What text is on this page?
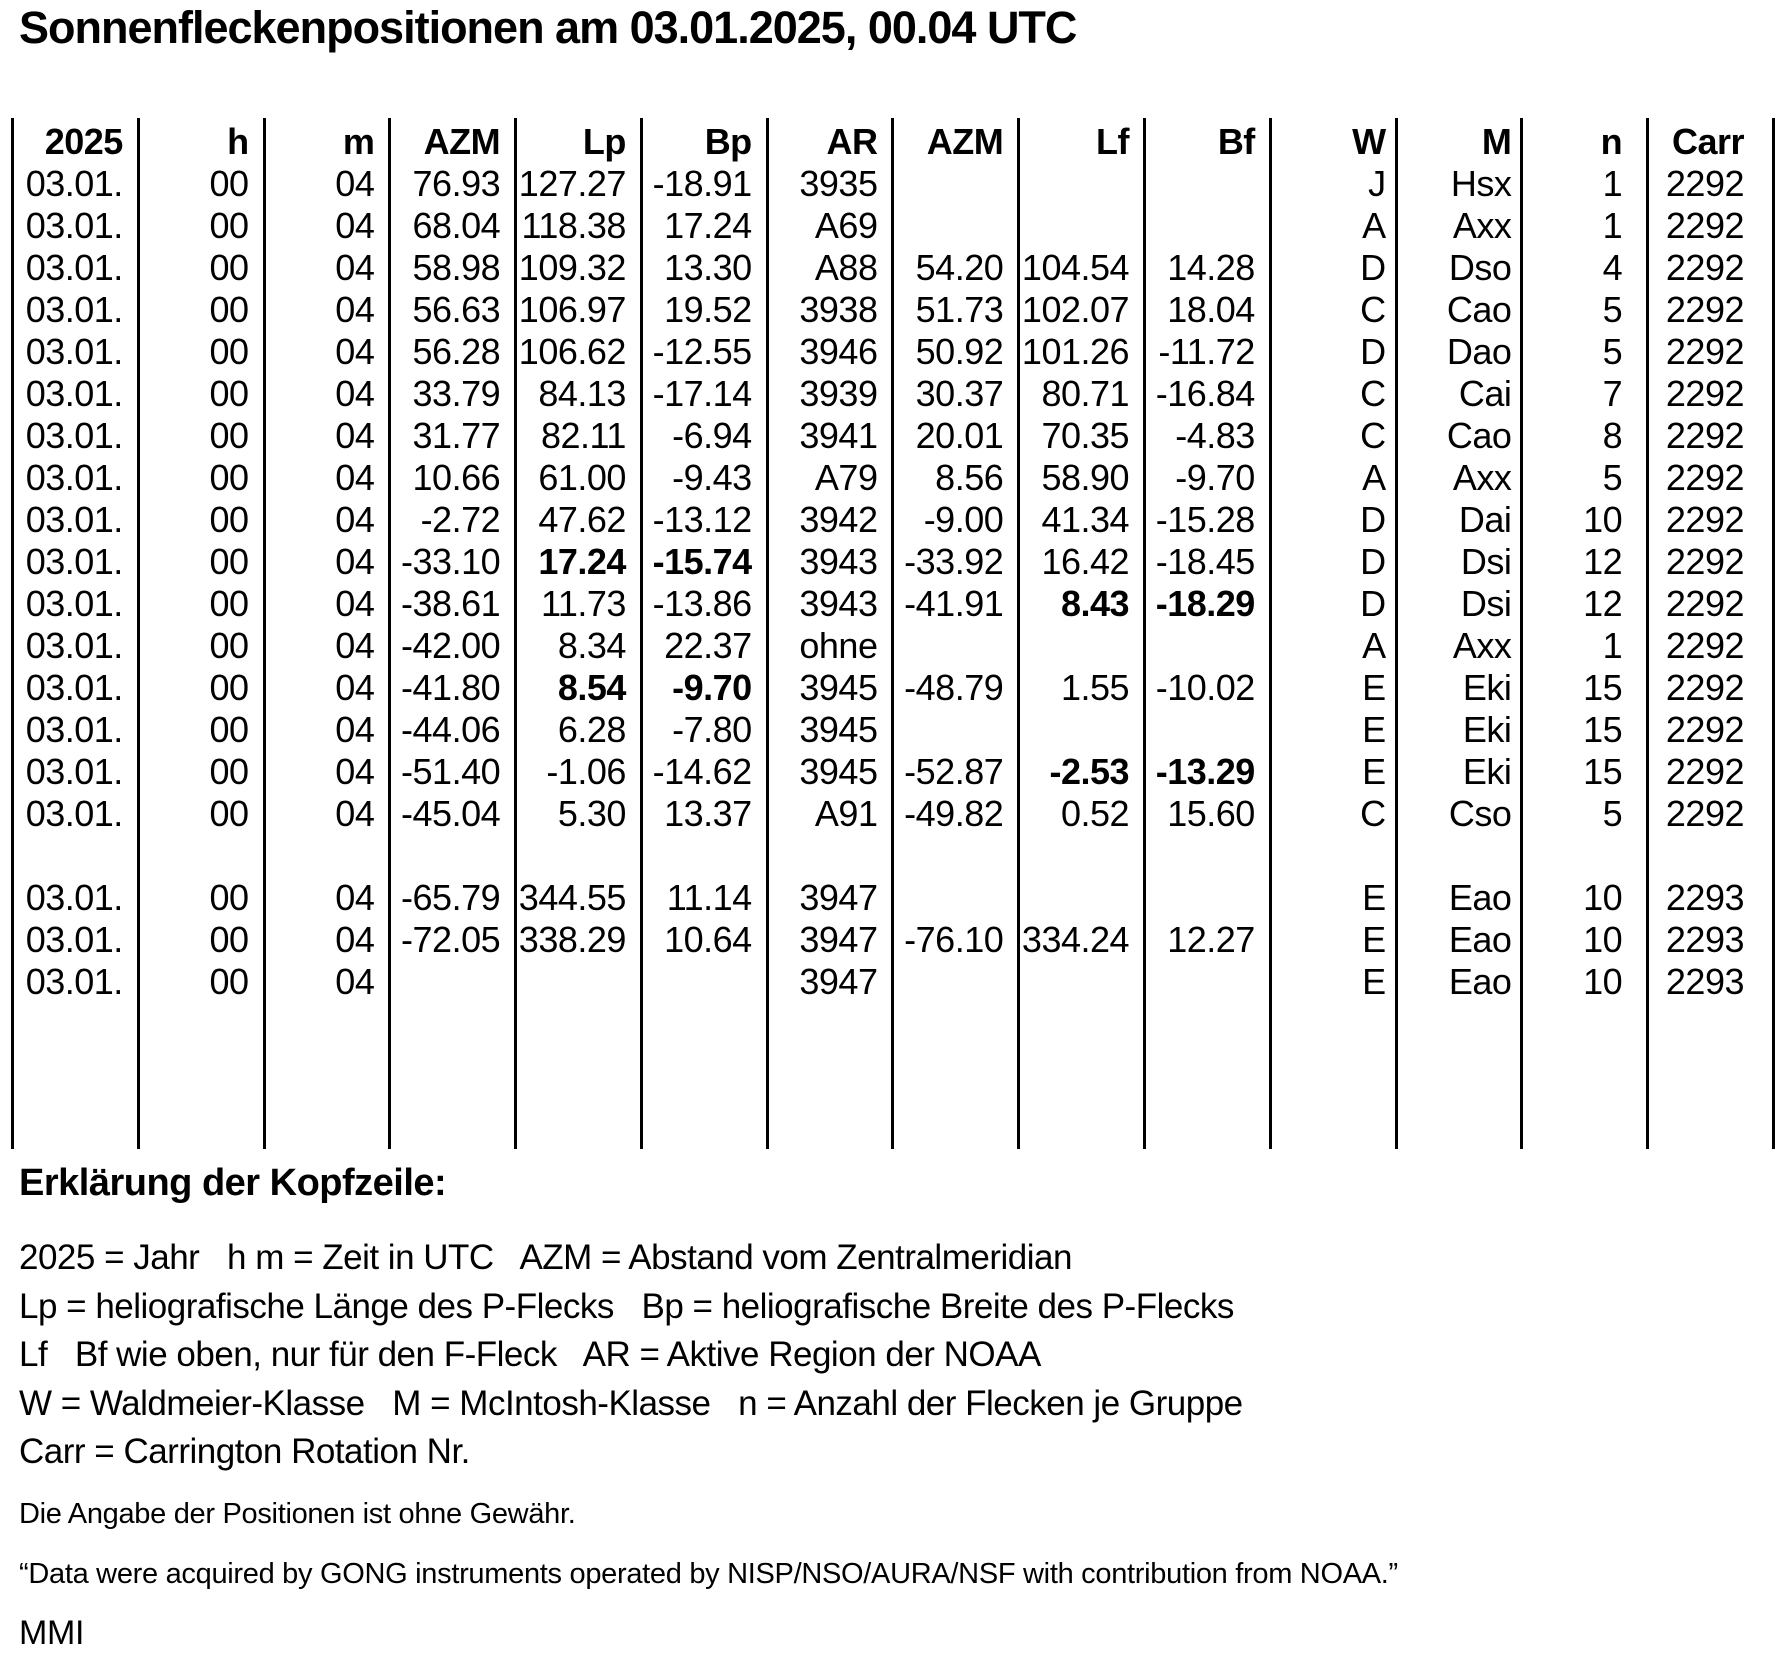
Sonnenfleckenpositionen am 03.01.2025, 00.04 UTC
2025	h	m	AZM	Lp	Bp	AR	AZM	Lf	Bf	W	M	n	Carr
03.01.	00	04	76.93	127.27	-18.91	3935				J	Hsx	1	2292
03.01.	00	04	68.04	118.38	17.24	A69				A	Axx	1	2292
03.01.	00	04	58.98	109.32	13.30	A88	54.20	104.54	14.28	D	Dso	4	2292
03.01.	00	04	56.63	106.97	19.52	3938	51.73	102.07	18.04	C	Cao	5	2292
03.01.	00	04	56.28	106.62	-12.55	3946	50.92	101.26	-11.72	D	Dao	5	2292
03.01.	00	04	33.79	84.13	-17.14	3939	30.37	80.71	-16.84	C	Cai	7	2292
03.01.	00	04	31.77	82.11	-6.94	3941	20.01	70.35	-4.83	C	Cao	8	2292
03.01.	00	04	10.66	61.00	-9.43	A79	8.56	58.90	-9.70	A	Axx	5	2292
03.01.	00	04	-2.72	47.62	-13.12	3942	-9.00	41.34	-15.28	D	Dai	10	2292
03.01.	00	04	-33.10	17.24	-15.74	3943	-33.92	16.42	-18.45	D	Dsi	12	2292
03.01.	00	04	-38.61	11.73	-13.86	3943	-41.91	8.43	-18.29	D	Dsi	12	2292
03.01.	00	04	-42.00	8.34	22.37	ohne				A	Axx	1	2292
03.01.	00	04	-41.80	8.54	-9.70	3945	-48.79	1.55	-10.02	E	Eki	15	2292
03.01.	00	04	-44.06	6.28	-7.80	3945				E	Eki	15	2292
03.01.	00	04	-51.40	-1.06	-14.62	3945	-52.87	-2.53	-13.29	E	Eki	15	2292
03.01.	00	04	-45.04	5.30	13.37	A91	-49.82	0.52	15.60	C	Cso	5	2292

03.01.	00	04	-65.79	344.55	11.14	3947				E	Eao	10	2293
03.01.	00	04	-72.05	338.29	10.64	3947	-76.10	334.24	12.27	E	Eao	10	2293
03.01.	00	04				3947				E	Eao	10	2293

Erklärung der Kopfzeile:
2025 = Jahr   h m = Zeit in UTC   AZM = Abstand vom Zentralmeridian
Lp = heliografische Länge des P-Flecks   Bp = heliografische Breite des P-Flecks
Lf   Bf wie oben, nur für den F-Fleck   AR = Aktive Region der NOAA
W = Waldmeier-Klasse   M = McIntosh-Klasse   n = Anzahl der Flecken je Gruppe
Carr = Carrington Rotation Nr.

Die Angabe der Positionen ist ohne Gewähr.

“Data were acquired by GONG instruments operated by NISP/NSO/AURA/NSF with contribution from NOAA.”

MMI
